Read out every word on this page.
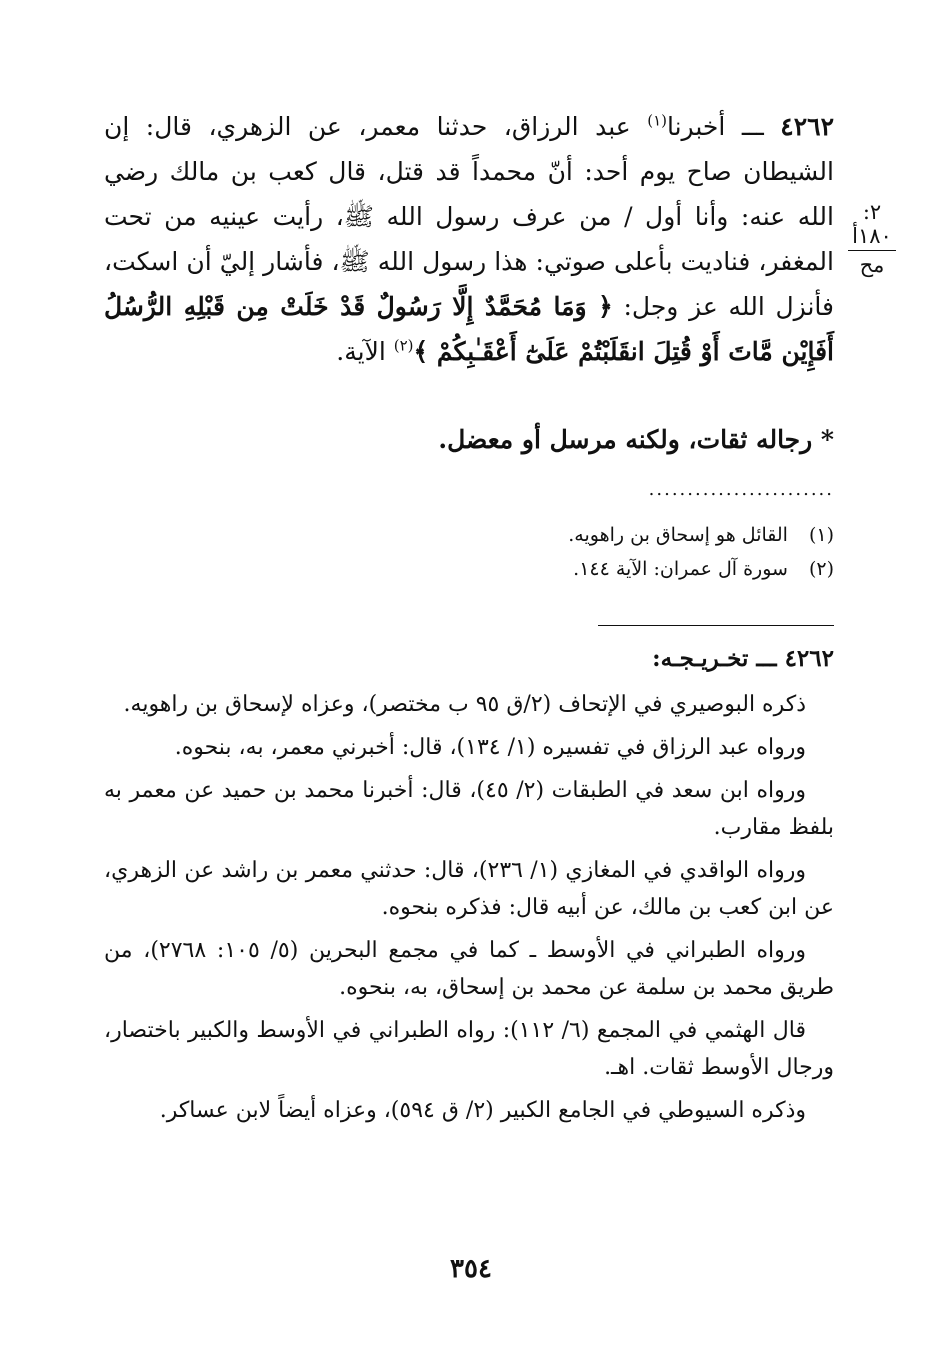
٤٢٦٢ ـــ أخبرنا$^{(١)}$ عبد الرزاق، حدثنا معمر، عن الزهري، قال: إن الشيطان صاح يوم أحد: أنّ محمداً قد قتل، قال كعب بن مالك رضي الله عنه: وأنا أول / من عرف رسول الله ﷺ، رأيت عينيه من تحت المغفر، فناديت بأعلى صوتي: هذا رسول الله ﷺ، فأشار إليّ أن اسكت، فأنزل الله عز وجل: ﴿ وَمَا مُحَمَّدٌ إِلَّا رَسُولٌ قَدْ خَلَتْ مِن قَبْلِهِ الرُّسُلُ أَفَإِيْن مَّاتَ أَوْ قُتِلَ انقَلَبْتُمْ عَلَىٰٓ أَعْقَـٰبِكُمْ ﴾$^{(٢)}$ الآية.
٢: ١٨٠أ
مح
* رجاله ثقات، ولكنه مرسل أو معضل.
........................
(١) القائل هو إسحاق بن راهويه.
(٢) سورة آل عمران: الآية ١٤٤.
٤٢٦٢ ـــ تخـريـجـه:

ذكره البوصيري في الإتحاف (٢/ق ٩٥ ب مختصر)، وعزاه لإسحاق بن راهويه.

ورواه عبد الرزاق في تفسيره (١/ ١٣٤)، قال: أخبرني معمر، به، بنحوه.

ورواه ابن سعد في الطبقات (٢/ ٤٥)، قال: أخبرنا محمد بن حميد عن معمر به بلفظ مقارب.

ورواه الواقدي في المغازي (١/ ٢٣٦)، قال: حدثني معمر بن راشد عن الزهري، عن ابن كعب بن مالك، عن أبيه قال: فذكره بنحوه.

ورواه الطبراني في الأوسط ـ كما في مجمع البحرين (٥/ ١٠٥: ٢٧٦٨)، من طريق محمد بن سلمة عن محمد بن إسحاق، به، بنحوه.

قال الهثمي في المجمع (٦/ ١١٢): رواه الطبراني في الأوسط والكبير باختصار، ورجال الأوسط ثقات. اهـ.

وذكره السيوطي في الجامع الكبير (٢/ ق ٥٩٤)، وعزاه أيضاً لابن عساكر.

٣٥٤
